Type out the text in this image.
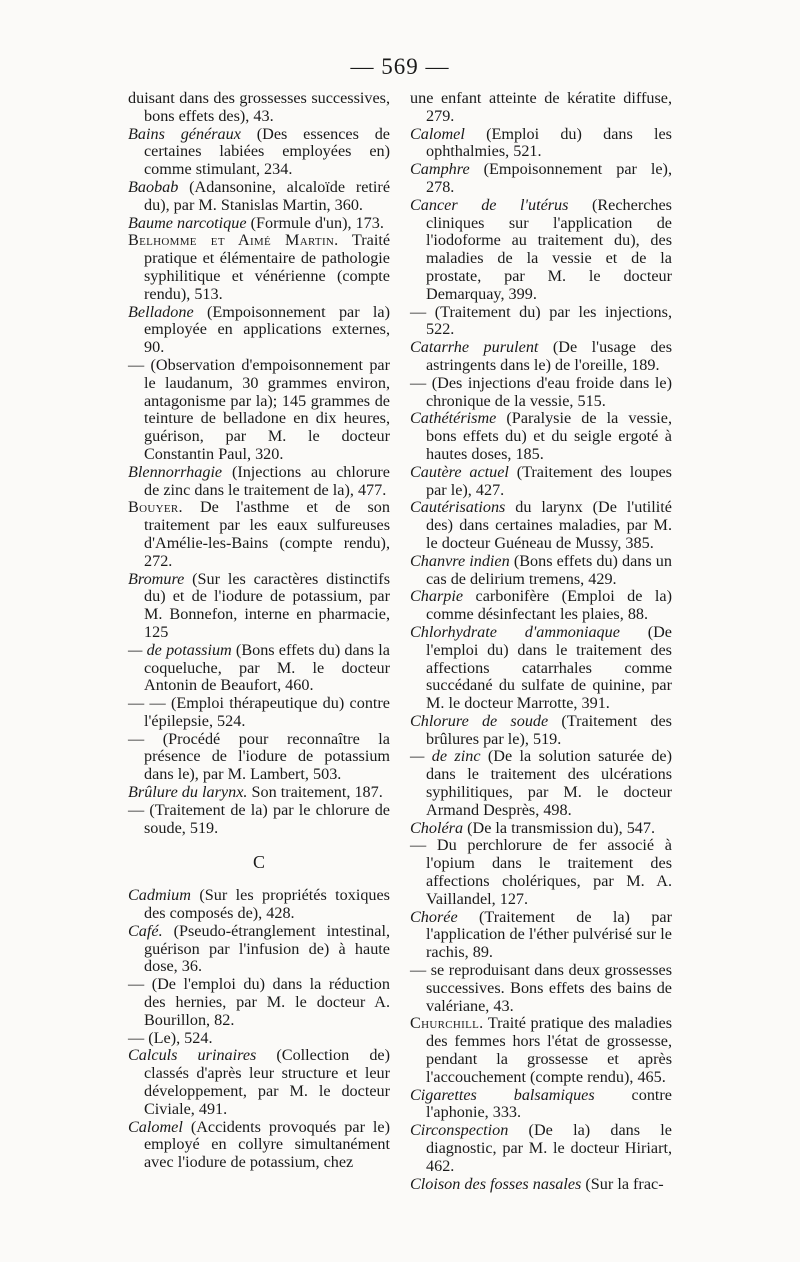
— 569 —
duisant dans des grossesses successives, bons effets des), 43.
Bains généraux (Des essences de certaines labiées employées en) comme stimulant, 234.
Baobab (Adansonine, alcaloïde retiré du), par M. Stanislas Martin, 360.
Baume narcotique (Formule d'un), 173.
Belhomme et Aimé Martin. Traité pratique et élémentaire de pathologie syphilitique et vénérienne (compte rendu), 513.
Belladone (Empoisonnement par la) employée en applications externes, 90.
— (Observation d'empoisonnement par le laudanum, 30 grammes environ, antagonisme par la); 145 grammes de teinture de belladone en dix heures, guérison, par M. le docteur Constantin Paul, 320.
Blennorrhagie (Injections au chlorure de zinc dans le traitement de la), 477.
Bouyer. De l'asthme et de son traitement par les eaux sulfureuses d'Amélie-les-Bains (compte rendu), 272.
Bromure (Sur les caractères distinctifs du) et de l'iodure de potassium, par M. Bonnefon, interne en pharmacie, 125
— de potassium (Bons effets du) dans la coqueluche, par M. le docteur Antonin de Beaufort, 460.
— — (Emploi thérapeutique du) contre l'épilepsie, 524.
— (Procédé pour reconnaître la présence de l'iodure de potassium dans le), par M. Lambert, 503.
Brûlure du larynx. Son traitement, 187.
— (Traitement de la) par le chlorure de soude, 519.
C
Cadmium (Sur les propriétés toxiques des composés de), 428.
Café. (Pseudo-étranglement intestinal, guérison par l'infusion de) à haute dose, 36.
— (De l'emploi du) dans la réduction des hernies, par M. le docteur A. Bourillon, 82.
— (Le), 524.
Calculs urinaires (Collection de) classés d'après leur structure et leur développement, par M. le docteur Civiale, 491.
Calomel (Accidents provoqués par le) employé en collyre simultanément avec l'iodure de potassium, chez
une enfant atteinte de kératite diffuse, 279.
Calomel (Emploi du) dans les ophthalmies, 521.
Camphre (Empoisonnement par le), 278.
Cancer de l'utérus (Recherches cliniques sur l'application de l'iodoforme au traitement du), des maladies de la vessie et de la prostate, par M. le docteur Demarquay, 399.
— (Traitement du) par les injections, 522.
Catarrhe purulent (De l'usage des astringents dans le) de l'oreille, 189.
— (Des injections d'eau froide dans le) chronique de la vessie, 515.
Cathétérisme (Paralysie de la vessie, bons effets du) et du seigle ergoté à hautes doses, 185.
Cautère actuel (Traitement des loupes par le), 427.
Cautérisations du larynx (De l'utilité des) dans certaines maladies, par M. le docteur Guéneau de Mussy, 385.
Chanvre indien (Bons effets du) dans un cas de delirium tremens, 429.
Charpie carbonifère (Emploi de la) comme désinfectant les plaies, 88.
Chlorhydrate d'ammoniaque (De l'emploi du) dans le traitement des affections catarrhales comme succédané du sulfate de quinine, par M. le docteur Marrotte, 391.
Chlorure de soude (Traitement des brûlures par le), 519.
— de zinc (De la solution saturée de) dans le traitement des ulcérations syphilitiques, par M. le docteur Armand Desprès, 498.
Choléra (De la transmission du), 547.
— Du perchlorure de fer associé à l'opium dans le traitement des affections cholériques, par M. A. Vaillandel, 127.
Chorée (Traitement de la) par l'application de l'éther pulvérisé sur le rachis, 89.
— se reproduisant dans deux grossesses successives. Bons effets des bains de valériane, 43.
Churchill. Traité pratique des maladies des femmes hors l'état de grossesse, pendant la grossesse et après l'accouchement (compte rendu), 465.
Cigarettes balsamiques contre l'aphonie, 333.
Circonspection (De la) dans le diagnostic, par M. le docteur Hiriart, 462.
Cloison des fosses nasales (Sur la frac-
